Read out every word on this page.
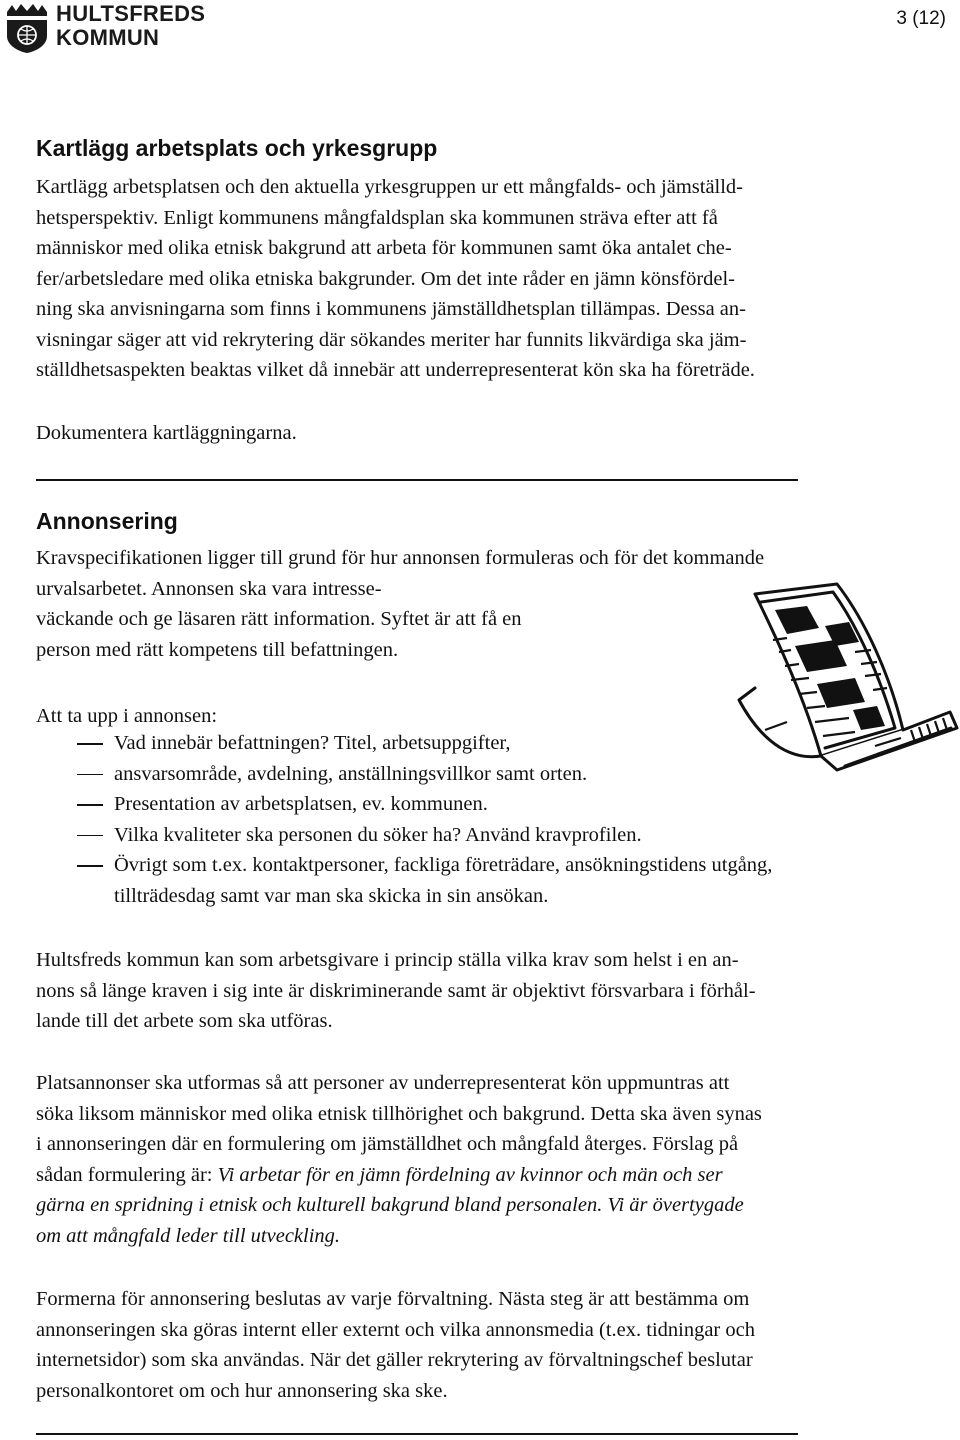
HULTSFREDS
KOMMUN
3 (12)
Kartlägg arbetsplats och yrkesgrupp
Kartlägg arbetsplatsen och den aktuella yrkesgruppen ur ett mångfalds- och jämställd-
hetsperspektiv. Enligt kommunens mångfaldsplan ska kommunen sträva efter att få
människor med olika etnisk bakgrund att arbeta för kommunen samt öka antalet che-
fer/arbetsledare med olika etniska bakgrunder. Om det inte råder en jämn könsfördel-
ning ska anvisningarna som finns i kommunens jämställdhetsplan tillämpas. Dessa an-
visningar säger att vid rekrytering där sökandes meriter har funnits likvärdiga ska jäm-
ställdhetsaspekten beaktas vilket då innebär att underrepresenterat kön ska ha företräde.
Dokumentera kartläggningarna.
Annonsering
Kravspecifikationen ligger till grund för hur annonsen formuleras och för det kommande
urvalsarbetet. Annonsen ska vara intresse-
väckande och ge läsaren rätt information. Syftet är att få en
person med rätt kompetens till befattningen.
Att ta upp i annonsen:
Vad innebär befattningen? Titel, arbetsuppgifter,
ansvarsområde, avdelning, anställningsvillkor samt orten.
Presentation av arbetsplatsen, ev. kommunen.
Vilka kvaliteter ska personen du söker ha? Använd kravprofilen.
Övrigt som t.ex. kontaktpersoner, fackliga företrädare, ansökningstidens utgång,
tillträdesdag samt var man ska skicka in sin ansökan.
Hultsfreds kommun kan som arbetsgivare i princip ställa vilka krav som helst i en an-
nons så länge kraven i sig inte är diskriminerande samt är objektivt försvarbara i förhål-
lande till det arbete som ska utföras.
Platsannonser ska utformas så att personer av underrepresenterat kön uppmuntras att
söka liksom människor med olika etnisk tillhörighet och bakgrund. Detta ska även synas
i annonseringen där en formulering om jämställdhet och mångfald återges. Förslag på
sådan formulering är: Vi arbetar för en jämn fördelning av kvinnor och män och ser
gärna en spridning i etnisk och kulturell bakgrund bland personalen. Vi är övertygade
om att mångfald leder till utveckling.
Formerna för annonsering beslutas av varje förvaltning. Nästa steg är att bestämma om
annonseringen ska göras internt eller externt och vilka annonsmedia (t.ex. tidningar och
internetsidor) som ska användas. När det gäller rekrytering av förvaltningschef beslutar
personalkontoret om och hur annonsering ska ske.
